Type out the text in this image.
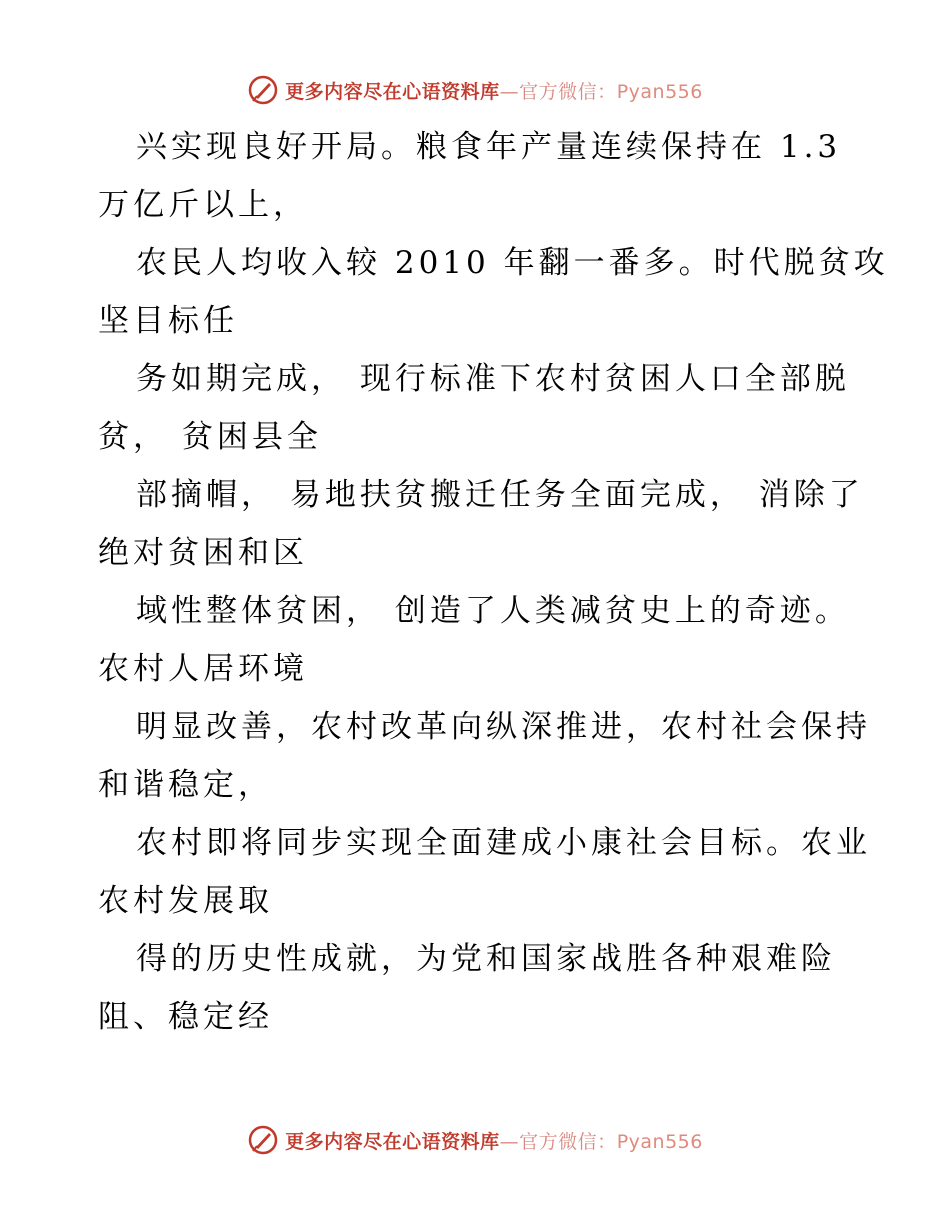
更多内容尽在心语资料库—官方微信：Pyan556
兴实现良好开局。粮食年产量连续保持在 1.3
万亿斤以上，
农民人均收入较 2010 年翻一番多。时代脱贫攻
坚目标任
务如期完成， 现行标准下农村贫困人口全部脱
贫， 贫困县全
部摘帽， 易地扶贫搬迁任务全面完成， 消除了
绝对贫困和区
域性整体贫困， 创造了人类减贫史上的奇迹。
农村人居环境
明显改善，农村改革向纵深推进，农村社会保持
和谐稳定，
农村即将同步实现全面建成小康社会目标。农业
农村发展取
得的历史性成就，为党和国家战胜各种艰难险
阻、稳定经
更多内容尽在心语资料库—官方微信：Pyan556
